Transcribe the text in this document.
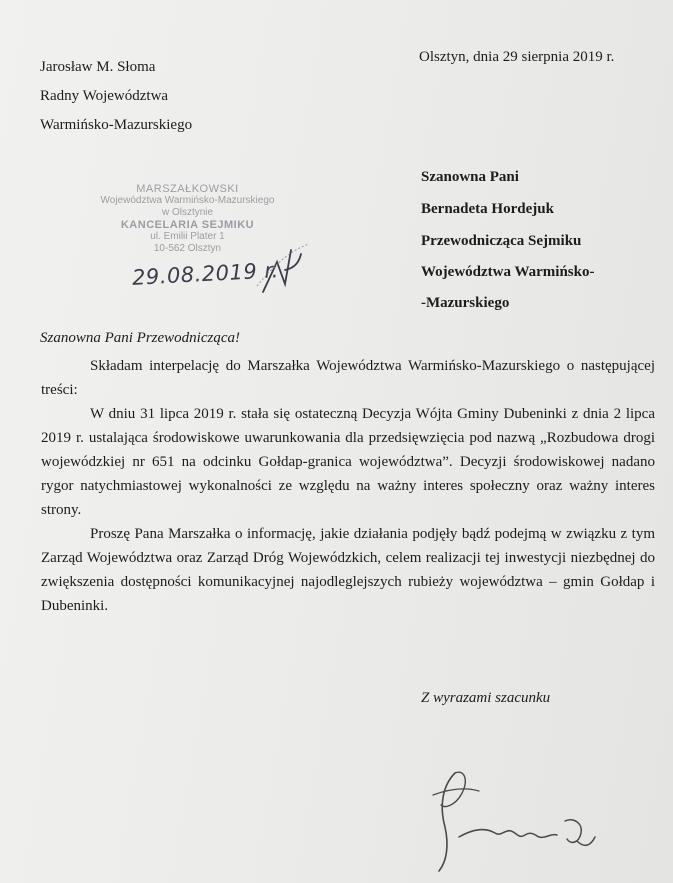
Jarosław M. Słoma
Radny Województwa
Warmińsko-Mazurskiego
Olsztyn, dnia 29 sierpnia 2019 r.
Szanowna Pani
Bernadeta Hordejuk
Przewodnicząca Sejmiku
Województwa Warmińsko-
-Mazurskiego
MARSZAŁKOWSKI
Województwa Warmińsko-Mazurskiego
w Olsztynie
KANCELARIA SEJMIKU
ul. Emilii Plater 1
10-562 Olsztyn
29.08.2019 r.
Szanowna Pani Przewodnicząca!

Składam interpelację do Marszałka Województwa Warmińsko-Mazurskiego o następującej treści:

W dniu 31 lipca 2019 r. stała się ostateczną Decyzja Wójta Gminy Dubeninki z dnia 2 lipca 2019 r. ustalająca środowiskowe uwarunkowania dla przedsięwzięcia pod nazwą „Rozbudowa drogi wojewódzkiej nr 651 na odcinku Gołdap-granica województwa”. Decyzji środowiskowej nadano rygor natychmiastowej wykonalności ze względu na ważny interes społeczny oraz ważny interes strony.

Proszę Pana Marszałka o informację, jakie działania podjęły bądź podejmą w związku z tym Zarząd Województwa oraz Zarząd Dróg Wojewódzkich, celem realizacji tej inwestycji niezbędnej do zwiększenia dostępności komunikacyjnej najodleglejszych rubieży województwa – gmin Gołdap i Dubeninki.

Z wyrazami szacunku
